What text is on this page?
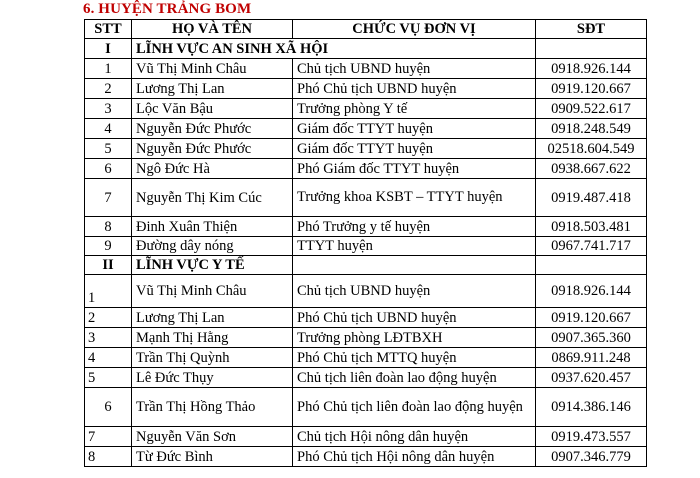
6. HUYỆN TRẢNG BOM
STT	HỌ VÀ TÊN	CHỨC VỤ ĐƠN VỊ	SĐT
I	LĨNH VỰC AN SINH XÃ HỘI		
1	Vũ Thị Minh Châu	Chủ tịch UBND huyện	0918.926.144
2	Lương Thị Lan	Phó Chủ tịch UBND huyện	0919.120.667
3	Lộc Văn Bậu	Trưởng phòng Y tế	0909.522.617
4	Nguyễn Đức Phước	Giám đốc TTYT huyện	0918.248.549
5	Nguyễn Đức Phước	Giám đốc TTYT huyện	02518.604.549
6	Ngô Đức Hà	Phó Giám đốc TTYT huyện	0938.667.622
7	Nguyễn Thị Kim Cúc	Trưởng khoa KSBT – TTYT huyện	0919.487.418
8	Đinh Xuân Thiện	Phó Trưởng y tế huyện	0918.503.481
9	Đường dây nóng	TTYT huyện	0967.741.717
II	LĨNH VỰC Y TẾ		
1	Vũ Thị Minh Châu	Chủ tịch UBND huyện	0918.926.144
2	Lương Thị Lan	Phó Chủ tịch UBND huyện	0919.120.667
3	Mạnh Thị Hằng	Trưởng phòng LĐTBXH	0907.365.360
4	Trần Thị Quỳnh	Phó Chủ tịch MTTQ huyện	0869.911.248
5	Lê Đức Thụy	Chủ tịch liên đoàn lao động huyện	0937.620.457
6	Trần Thị Hồng Thảo	Phó Chủ tịch liên đoàn lao động huyện	0914.386.146
7	Nguyễn Văn Sơn	Chủ tịch Hội nông dân huyện	0919.473.557
8	Từ Đức Bình	Phó Chủ tịch Hội nông dân huyện	0907.346.779
